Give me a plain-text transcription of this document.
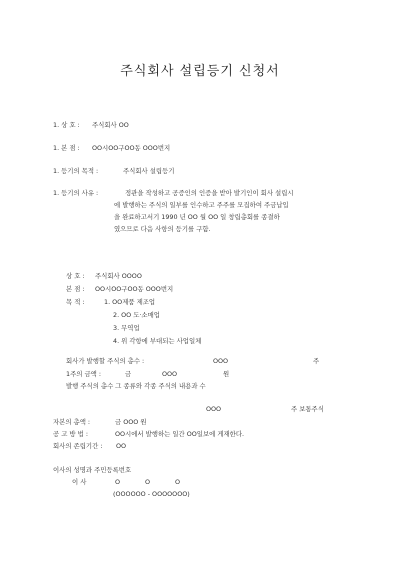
주식회사 설립등기 신청서
1. 상 호 : 주식회사 OO
1. 본 점 : OO시OO구OO동 OOO번지
1. 등기의 목적 :	주식회사 설립등기
1. 등기의 사유 :	정관을 작성하고 공증인의 인증을 받아 발기인이 회사 설립시
에 발행하는 주식의 일부를 인수하고 주주를 모집하여 주금납입
을 완료하고서기 1990 년 OO 월 OO 일 창립총회를 종결하
였으므로 다음 사항의 등기를 구함.
상 호 : 주식회사 OOOO
본 점 : OO시OO구OO동 OOO번지
목 적 :	1. OO제품 제조업
2. OO 도·소매업
3. 무역업
4. 위 각항에 부대되는 사업일체
회사가 발행할 주식의 총수 :	OOO	주
1주의 금액 :	금	OOO	원
발행 주식의 총수 그 종류와 각종 주식의 내용과 수
OOO	주 보통주식
자본의 총액 :	금 OOO 원
공 고 방 법 :	OO시에서 발행하는 일간 OO일보에 게재한다.
회사의 존립기간 : OO
이사의 성명과 주민등록번호
이 사	O	O	O
(OOOOOO - OOOOOOO)
